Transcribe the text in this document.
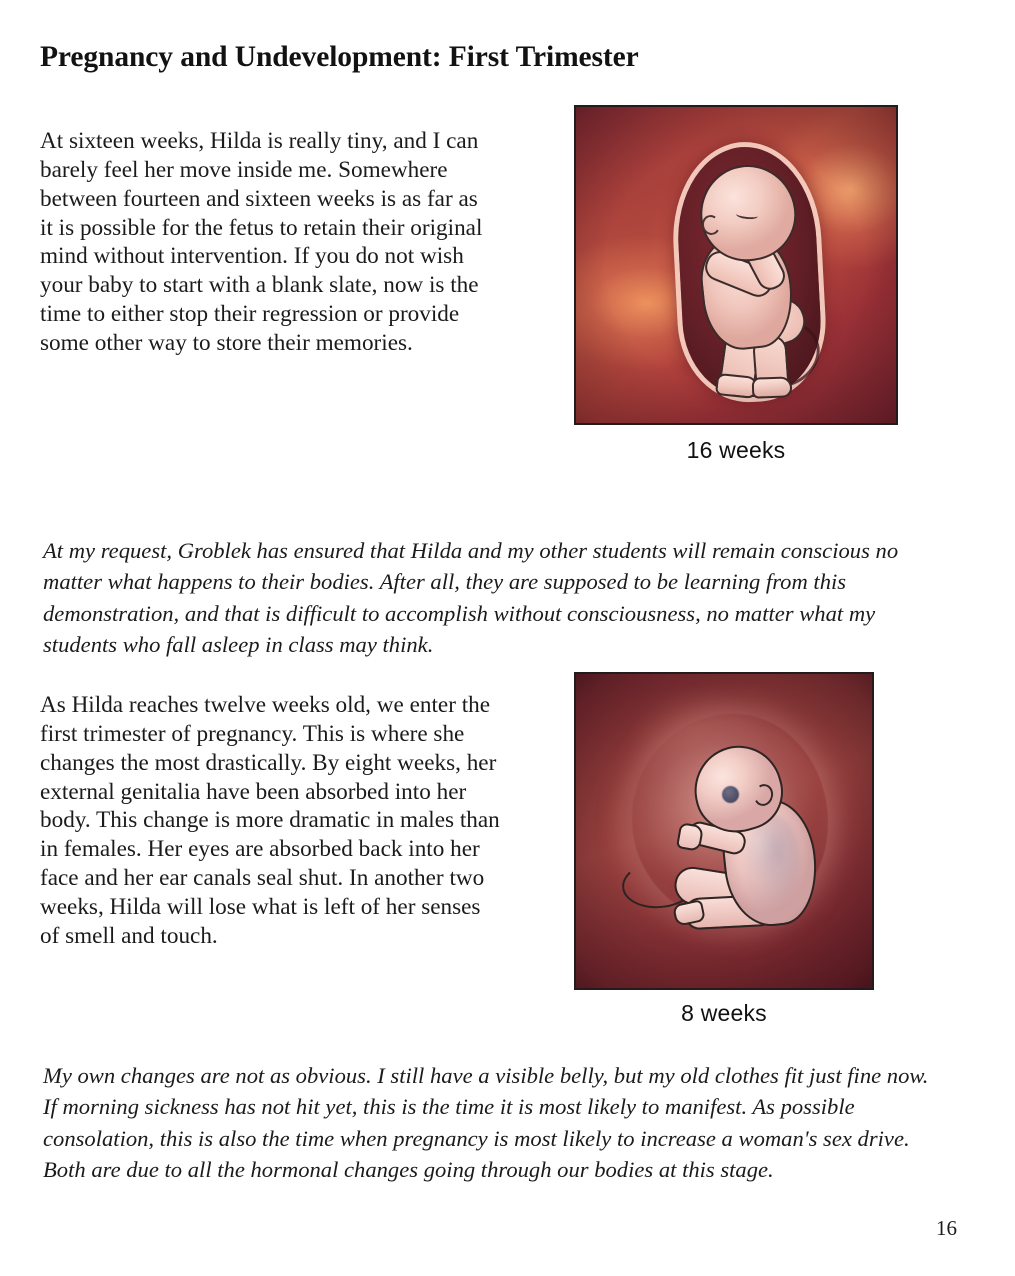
Pregnancy and Undevelopment: First Trimester

At sixteen weeks, Hilda is really tiny, and I can barely feel her move inside me. Somewhere between fourteen and sixteen weeks is as far as it is possible for the fetus to retain their original mind without intervention. If you do not wish your baby to start with a blank slate, now is the time to either stop their regression or provide some other way to store their memories.

16 weeks

At my request, Groblek has ensured that Hilda and my other students will remain conscious no matter what happens to their bodies. After all, they are supposed to be learning from this demonstration, and that is difficult to accomplish without consciousness, no matter what my students who fall asleep in class may think.

As Hilda reaches twelve weeks old, we enter the first trimester of pregnancy. This is where she changes the most drastically. By eight weeks, her external genitalia have been absorbed into her body. This change is more dramatic in males than in females. Her eyes are absorbed back into her face and her ear canals seal shut. In another two weeks, Hilda will lose what is left of her senses of smell and touch.

8 weeks

My own changes are not as obvious. I still have a visible belly, but my old clothes fit just fine now. If morning sickness has not hit yet, this is the time it is most likely to manifest. As possible consolation, this is also the time when pregnancy is most likely to increase a woman's sex drive. Both are due to all the hormonal changes going through our bodies at this stage.

16
